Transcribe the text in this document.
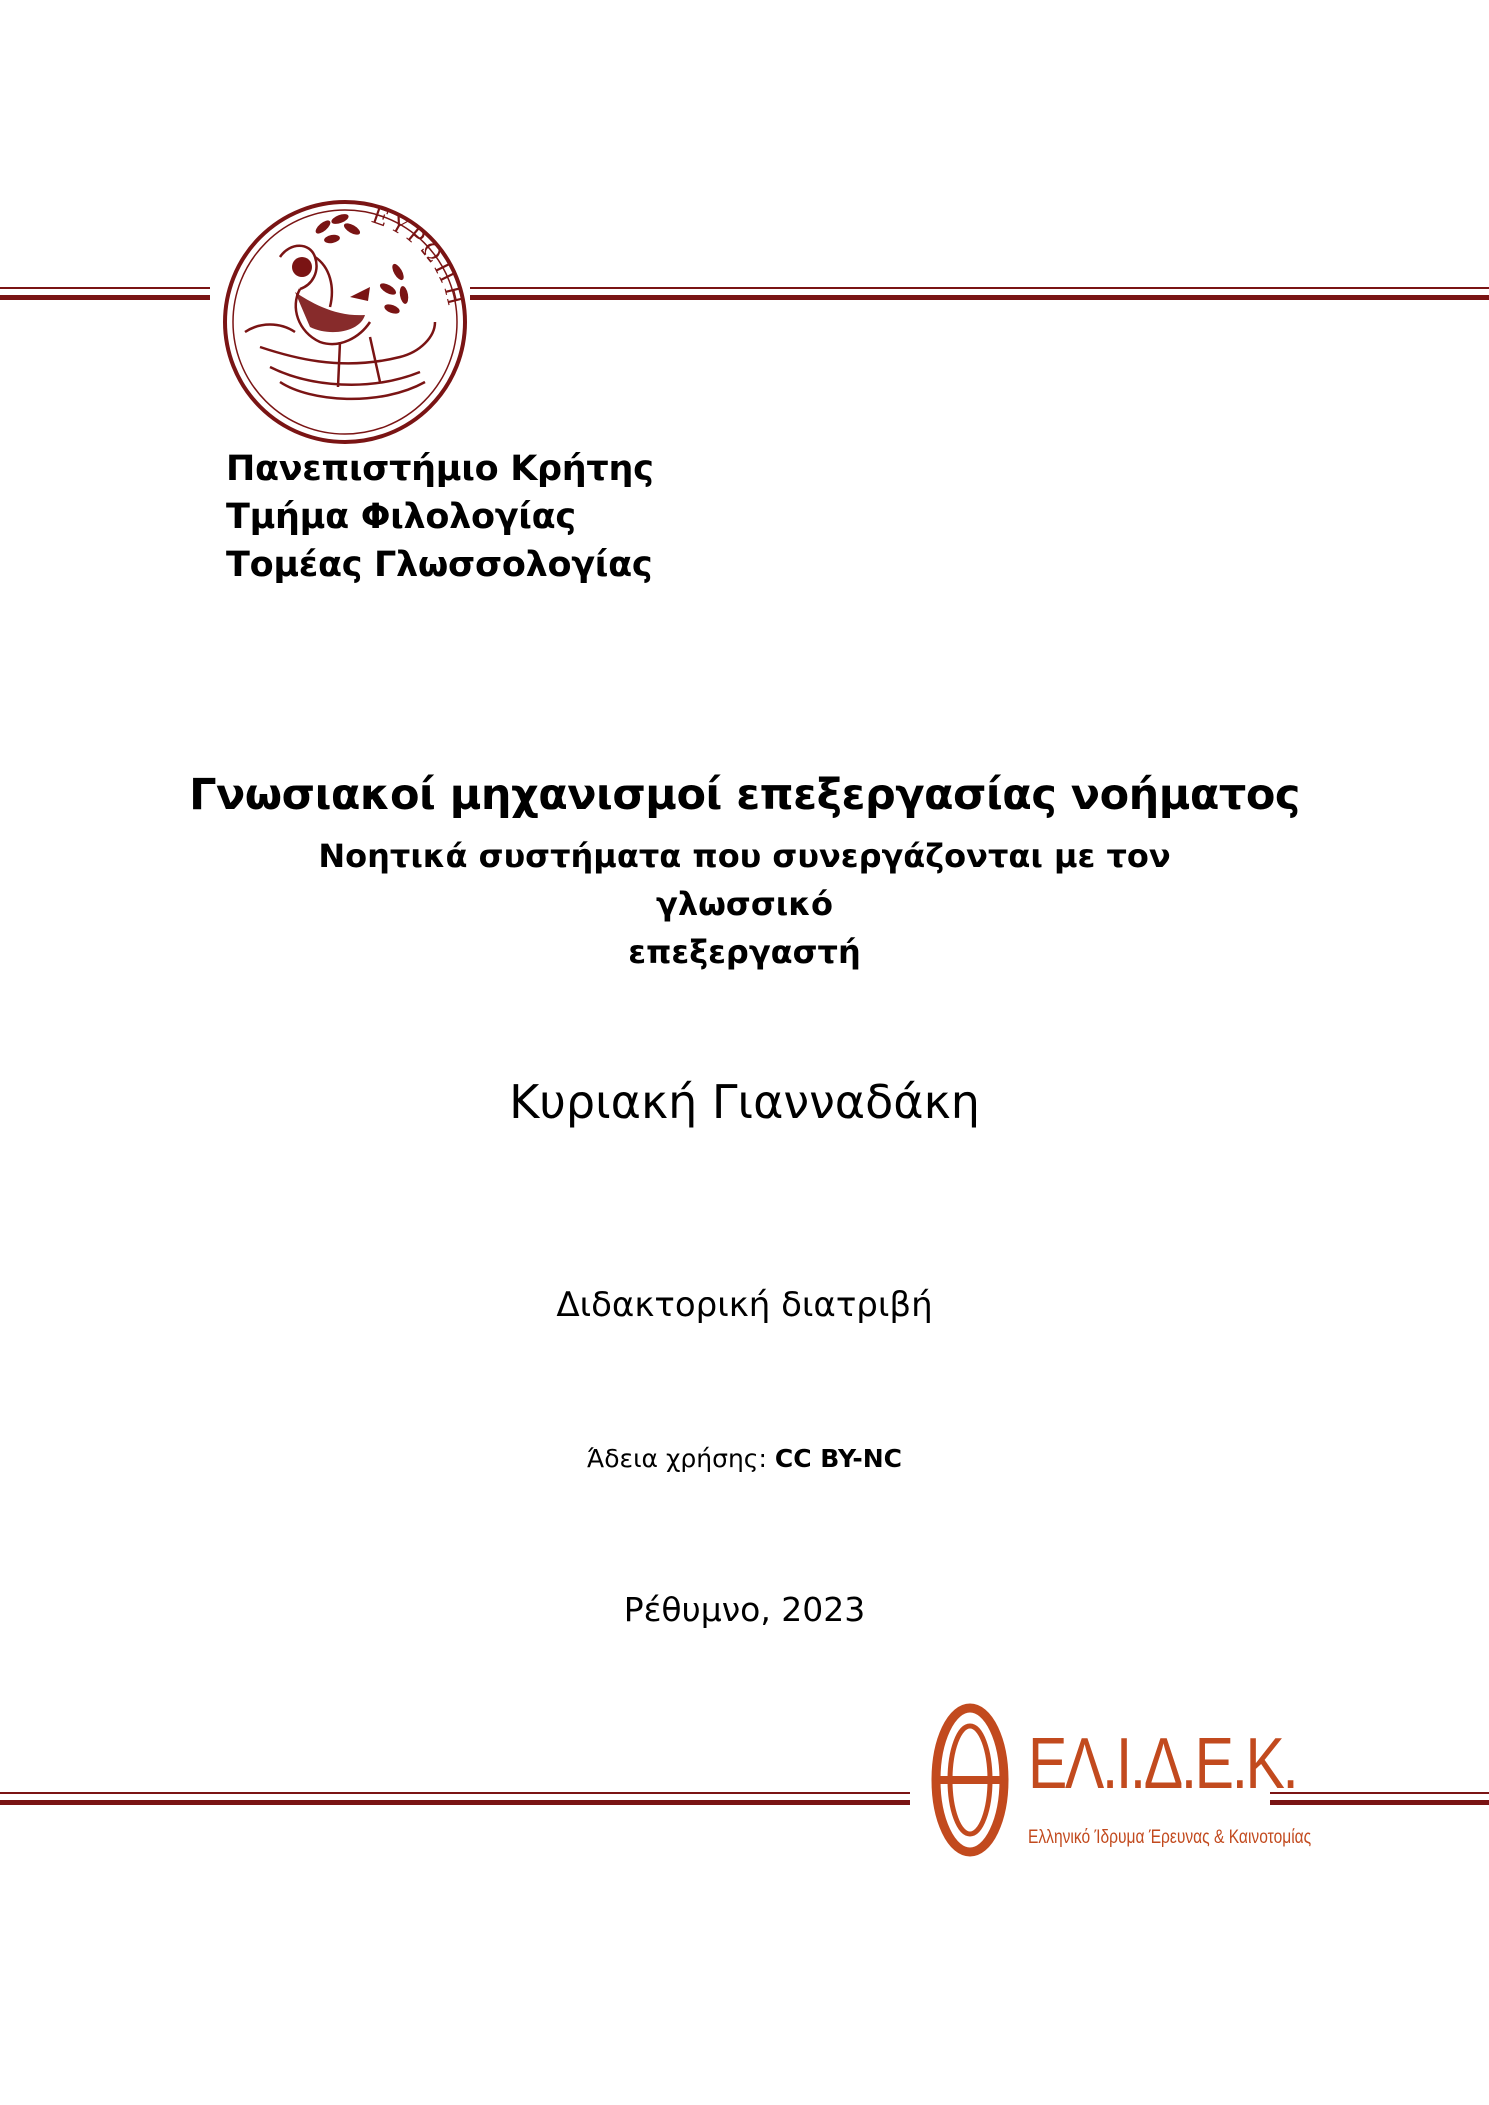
ΕΥΡΩΠΗ
Πανεπιστήμιο Κρήτης
Τμήμα Φιλολογίας
Τομέας Γλωσσολογίας
Γνωσιακοί μηχανισμοί επεξεργασίας νοήματος
Νοητικά συστήματα που συνεργάζονται με τον γλωσσικό
επεξεργαστή
Κυριακή Γιανναδάκη
Διδακτορική διατριβή
Άδεια χρήσης: CC BY-NC
Ρέθυμνο, 2023
ΕΛ.Ι.Δ.Ε.Κ.
Ελληνικό Ίδρυμα Έρευνας & Καινοτομίας
